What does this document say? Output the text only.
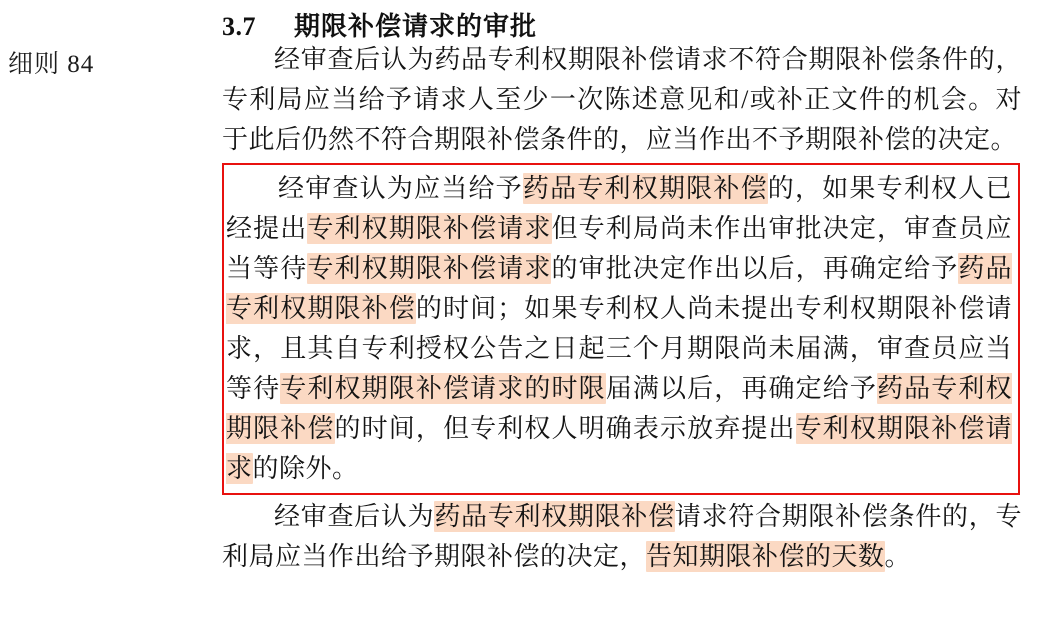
细则 84
3.7	期限补偿请求的审批

经审查后认为药品专利权期限补偿请求不符合期限补偿条件的，专利局应当给予请求人至少一次陈述意见和/或补正文件的机会。对于此后仍然不符合期限补偿条件的，应当作出不予期限补偿的决定。

经审查认为应当给予药品专利权期限补偿的，如果专利权人已经提出专利权期限补偿请求但专利局尚未作出审批决定，审查员应当等待专利权期限补偿请求的审批决定作出以后，再确定给予药品专利权期限补偿的时间；如果专利权人尚未提出专利权期限补偿请求，且其自专利授权公告之日起三个月期限尚未届满，审查员应当等待专利权期限补偿请求的时限届满以后，再确定给予药品专利权期限补偿的时间，但专利权人明确表示放弃提出专利权期限补偿请求的除外。

经审查后认为药品专利权期限补偿请求符合期限补偿条件的，专利局应当作出给予期限补偿的决定，告知期限补偿的天数。
